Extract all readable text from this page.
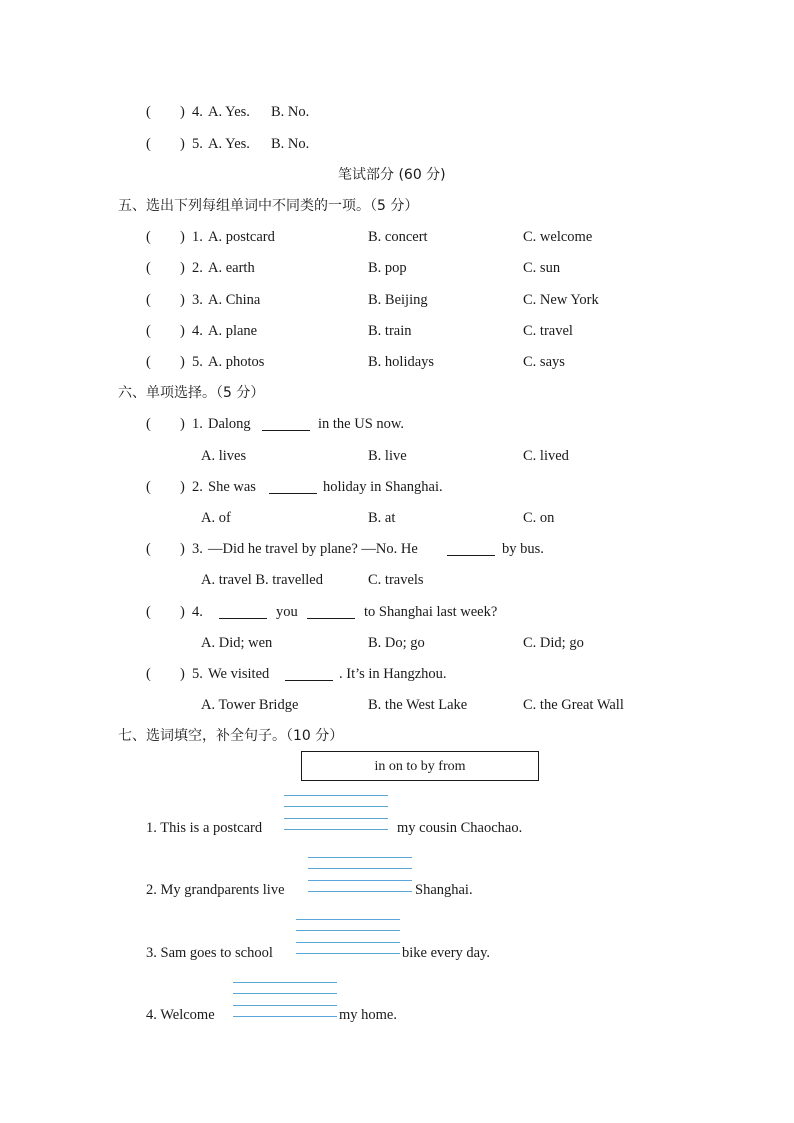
( ) 4. A. Yes. B. No.
( ) 5. A. Yes. B. No.
笔试部分 (60 分)
五、选出下列每组单词中不同类的一项。（5 分）
( ) 1. A. postcard	B. concert	C. welcome
( ) 2. A. earth	B. pop	C. sun
( ) 3. A. China	B. Beijing	C. New York
( ) 4. A. plane	B. train	C. travel
( ) 5. A. photos	B. holidays	C. says
六、单项选择。（5 分）
( ) 1. Dalong	in the US now.
A. lives	B. live	C. lived
( ) 2. She was	holiday in Shanghai.
A. of	B. at	C. on
( ) 3. —Did he travel by plane? —No. He	by bus.
A. travel B. travelled	C. travels
( ) 4.	you	to Shanghai last week?
A. Did; wen	B. Do; go	C. Did; go
( ) 5. We visited	. It’s in Hangzhou.
A. Tower Bridge	B. the West Lake	C. the Great Wall
七、选词填空，补全句子。（10 分）
in on to by from
1. This is a postcard	my cousin Chaochao.
2. My grandparents live	Shanghai.
3. Sam goes to school	bike every day.
4. Welcome	my home.
